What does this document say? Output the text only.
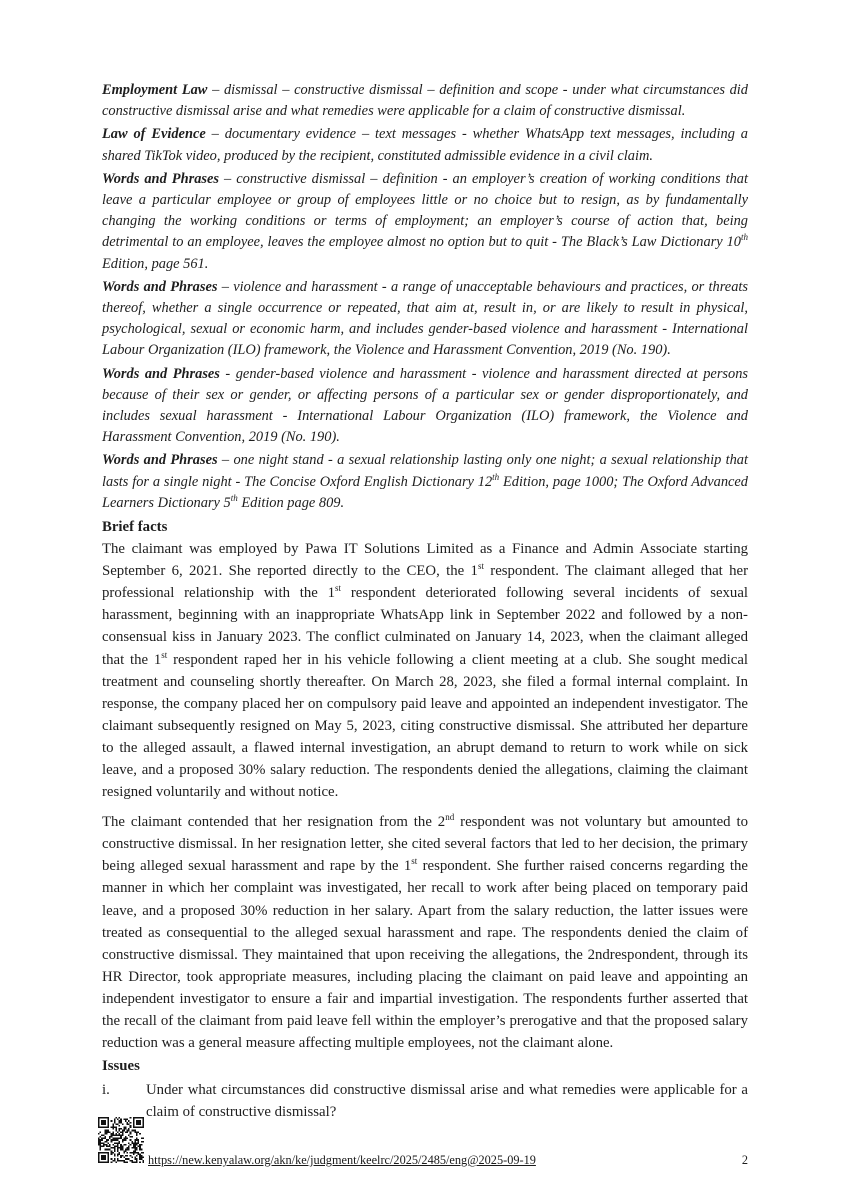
Employment Law – dismissal – constructive dismissal – definition and scope - under what circumstances did constructive dismissal arise and what remedies were applicable for a claim of constructive dismissal.

Law of Evidence – documentary evidence – text messages - whether WhatsApp text messages, including a shared TikTok video, produced by the recipient, constituted admissible evidence in a civil claim.

Words and Phrases – constructive dismissal – definition - an employer’s creation of working conditions that leave a particular employee or group of employees little or no choice but to resign, as by fundamentally changing the working conditions or terms of employment; an employer’s course of action that, being detrimental to an employee, leaves the employee almost no option but to quit - The Black’s Law Dictionary 10th Edition, page 561.

Words and Phrases – violence and harassment - a range of unacceptable behaviours and practices, or threats thereof, whether a single occurrence or repeated, that aim at, result in, or are likely to result in physical, psychological, sexual or economic harm, and includes gender-based violence and harassment - International Labour Organization (ILO) framework, the Violence and Harassment Convention, 2019 (No. 190).

Words and Phrases - gender-based violence and harassment - violence and harassment directed at persons because of their sex or gender, or affecting persons of a particular sex or gender disproportionately, and includes sexual harassment - International Labour Organization (ILO) framework, the Violence and Harassment Convention, 2019 (No. 190).

Words and Phrases – one night stand - a sexual relationship lasting only one night; a sexual relationship that lasts for a single night - The Concise Oxford English Dictionary 12th Edition, page 1000; The Oxford Advanced Learners Dictionary 5th Edition page 809.

Brief facts

The claimant was employed by Pawa IT Solutions Limited as a Finance and Admin Associate starting September 6, 2021. She reported directly to the CEO, the 1st respondent. The claimant alleged that her professional relationship with the 1st respondent deteriorated following several incidents of sexual harassment, beginning with an inappropriate WhatsApp link in September 2022 and followed by a non-consensual kiss in January 2023. The conflict culminated on January 14, 2023, when the claimant alleged that the 1st respondent raped her in his vehicle following a client meeting at a club. She sought medical treatment and counseling shortly thereafter. On March 28, 2023, she filed a formal internal complaint. In response, the company placed her on compulsory paid leave and appointed an independent investigator. The claimant subsequently resigned on May 5, 2023, citing constructive dismissal. She attributed her departure to the alleged assault, a flawed internal investigation, an abrupt demand to return to work while on sick leave, and a proposed 30% salary reduction. The respondents denied the allegations, claiming the claimant resigned voluntarily and without notice.

The claimant contended that her resignation from the 2nd respondent was not voluntary but amounted to constructive dismissal. In her resignation letter, she cited several factors that led to her decision, the primary being alleged sexual harassment and rape by the 1st respondent. She further raised concerns regarding the manner in which her complaint was investigated, her recall to work after being placed on temporary paid leave, and a proposed 30% reduction in her salary. Apart from the salary reduction, the latter issues were treated as consequential to the alleged sexual harassment and rape. The respondents denied the claim of constructive dismissal. They maintained that upon receiving the allegations, the 2ndrespondent, through its HR Director, took appropriate measures, including placing the claimant on paid leave and appointing an independent investigator to ensure a fair and impartial investigation. The respondents further asserted that the recall of the claimant from paid leave fell within the employer’s prerogative and that the proposed salary reduction was a general measure affecting multiple employees, not the claimant alone.

Issues
i.	Under what circumstances did constructive dismissal arise and what remedies were applicable for a claim of constructive dismissal?
https://new.kenyalaw.org/akn/ke/judgment/keelrc/2025/2485/eng@2025-09-19	2
